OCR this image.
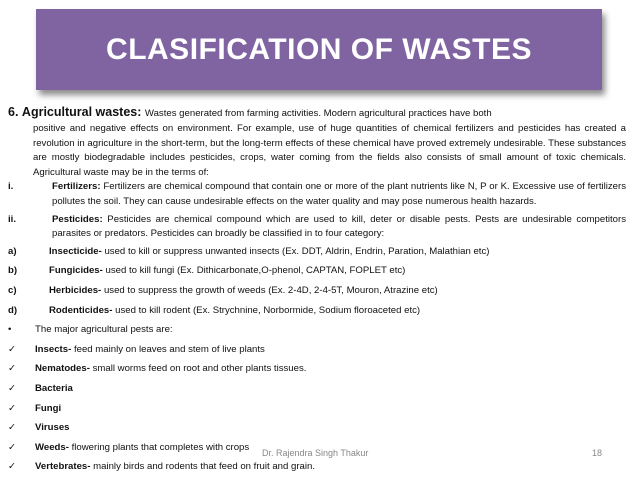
CLASIFICATION OF WASTES
6. Agricultural wastes: Wastes generated from farming activities. Modern agricultural practices have both
positive and negative effects on environment. For example, use of huge quantities of chemical fertilizers and pesticides has created a revolution in agriculture in the short-term, but the long-term effects of these chemical have proved extremely undesirable. These substances are mostly biodegradable includes pesticides, crops, water coming from the fields also consists of small amount of toxic chemicals. Agricultural waste may be in the terms of:
i.	Fertilizers: Fertilizers are chemical compound that contain one or more of the plant nutrients like N, P or K. Excessive use of fertilizers pollutes the soil. They can cause undesirable effects on the water quality and may pose numerous health hazards.
ii.	Pesticides: Pesticides are chemical compound which are used to kill, deter or disable pests. Pests are undesirable competitors parasites or predators. Pesticides can broadly be classified in to four category:
a)	Insecticide- used to kill or suppress unwanted insects (Ex. DDT, Aldrin, Endrin, Paration, Malathian etc)
b)	Fungicides- used to kill fungi (Ex. Dithicarbonate,O-phenol, CAPTAN, FOPLET etc)
c)	Herbicides- used to suppress the growth of weeds (Ex. 2-4D, 2-4-5T, Mouron, Atrazine etc)
d)	Rodenticides- used to kill rodent (Ex. Strychnine, Norbormide, Sodium floroaceted etc)
•	The major agricultural pests are:
✓	Insects- feed mainly on leaves and stem of live plants
✓	Nematodes- small worms feed on root and other plants tissues.
✓	Bacteria
✓	Fungi
✓	Viruses
✓	Weeds- flowering plants that completes with crops
✓	Vertebrates- mainly birds and rodents that feed on fruit and grain.
Dr. Rajendra Singh Thakur	18
